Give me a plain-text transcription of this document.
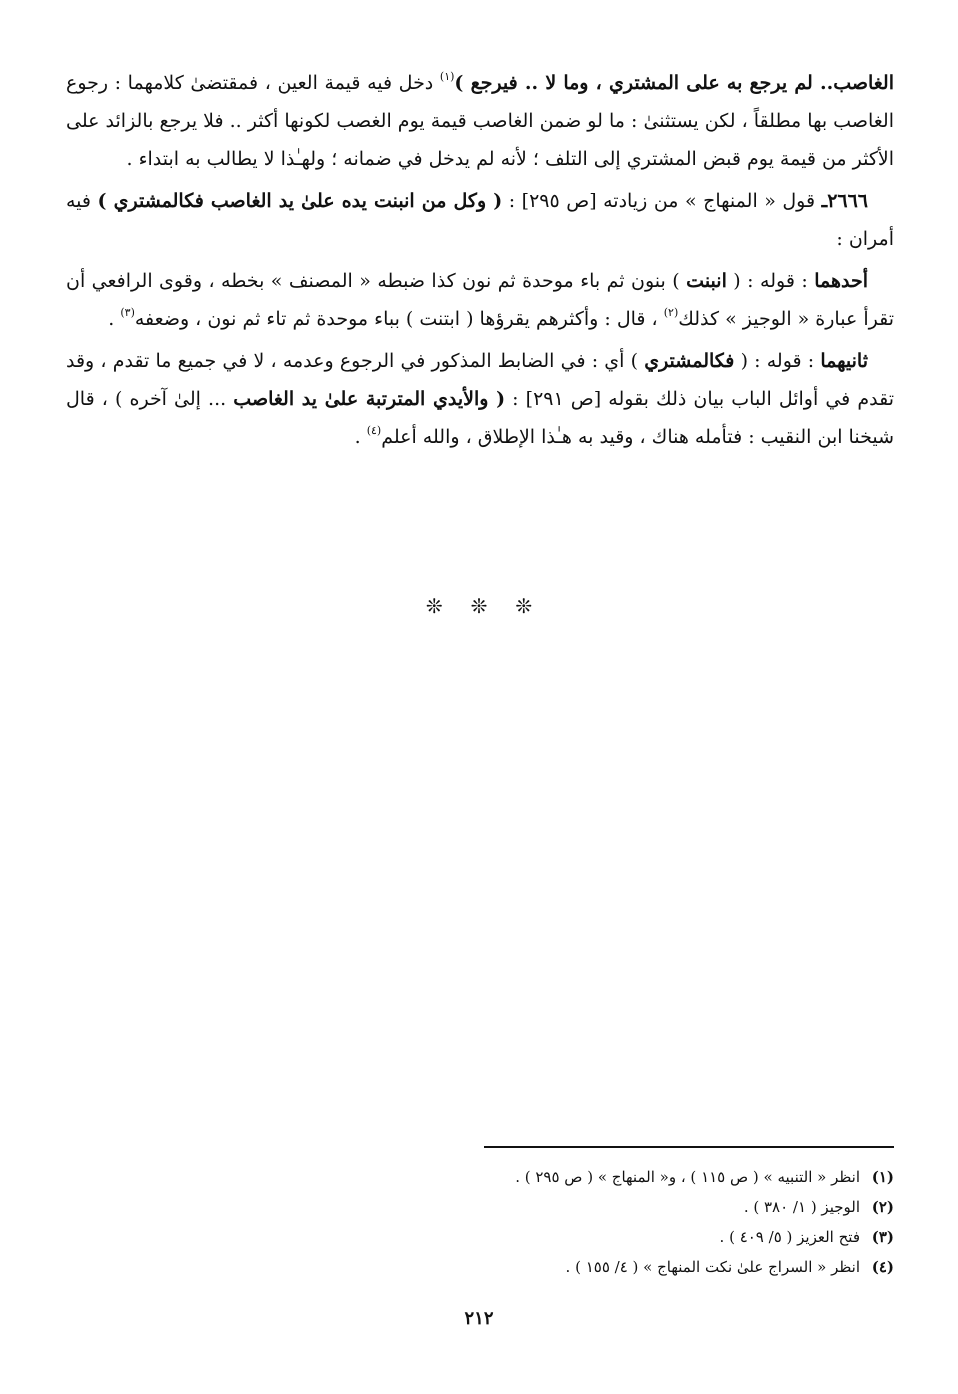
الغاصب.. لم يرجع به على المشتري ، وما لا .. فيرجع )$^{(١)}$ دخل فيه قيمة العين ، فمقتضىٰ كلامهما : رجوع الغاصب بها مطلقاً ، لكن يستثنىٰ : ما لو ضمن الغاصب قيمة يوم الغصب لكونها أكثر .. فلا يرجع بالزائد على الأكثر من قيمة يوم قبض المشتري إلى التلف ؛ لأنه لم يدخل في ضمانه ؛ ولهـٰذا لا يطالب به ابتداء .

٢٦٦٦ـ قول « المنهاج » من زيادته [ص ٢٩٥] : ( وكل من انبنت يده علىٰ يد الغاصب فكالمشتري ) فيه أمران :

أحدهما : قوله : ( انبنت ) بنون ثم باء موحدة ثم نون كذا ضبطه « المصنف » بخطه ، وقوى الرافعي أن تقرأ عبارة « الوجيز » كذلك$^{(٢)}$ ، قال : وأكثرهم يقرؤها ( ابتنت ) بباء موحدة ثم تاء ثم نون ، وضعفه$^{(٣)}$ .

ثانيهما : قوله : ( فكالمشتري ) أي : في الضابط المذكور في الرجوع وعدمه ، لا في جميع ما تقدم ، وقد تقدم في أوائل الباب بيان ذلك بقوله [ص ٢٩١] : ( والأيدي المترتبة علىٰ يد الغاصب ... إلىٰ آخره ) ، قال شيخنا ابن النقيب : فتأمله هناك ، وقيد به هـٰذا الإطلاق ، والله أعلم$^{(٤)}$ .

❊ ❊ ❊
(١)انظر « التنبيه » ( ص ١١٥ ) ، و« المنهاج » ( ص ٢٩٥ ) .
(٢)الوجيز ( ١/ ٣٨٠ ) .
(٣)فتح العزيز ( ٥/ ٤٠٩ ) .
(٤)انظر « السراج علىٰ نكت المنهاج » ( ٤/ ١٥٥ ) .
٢١٢
